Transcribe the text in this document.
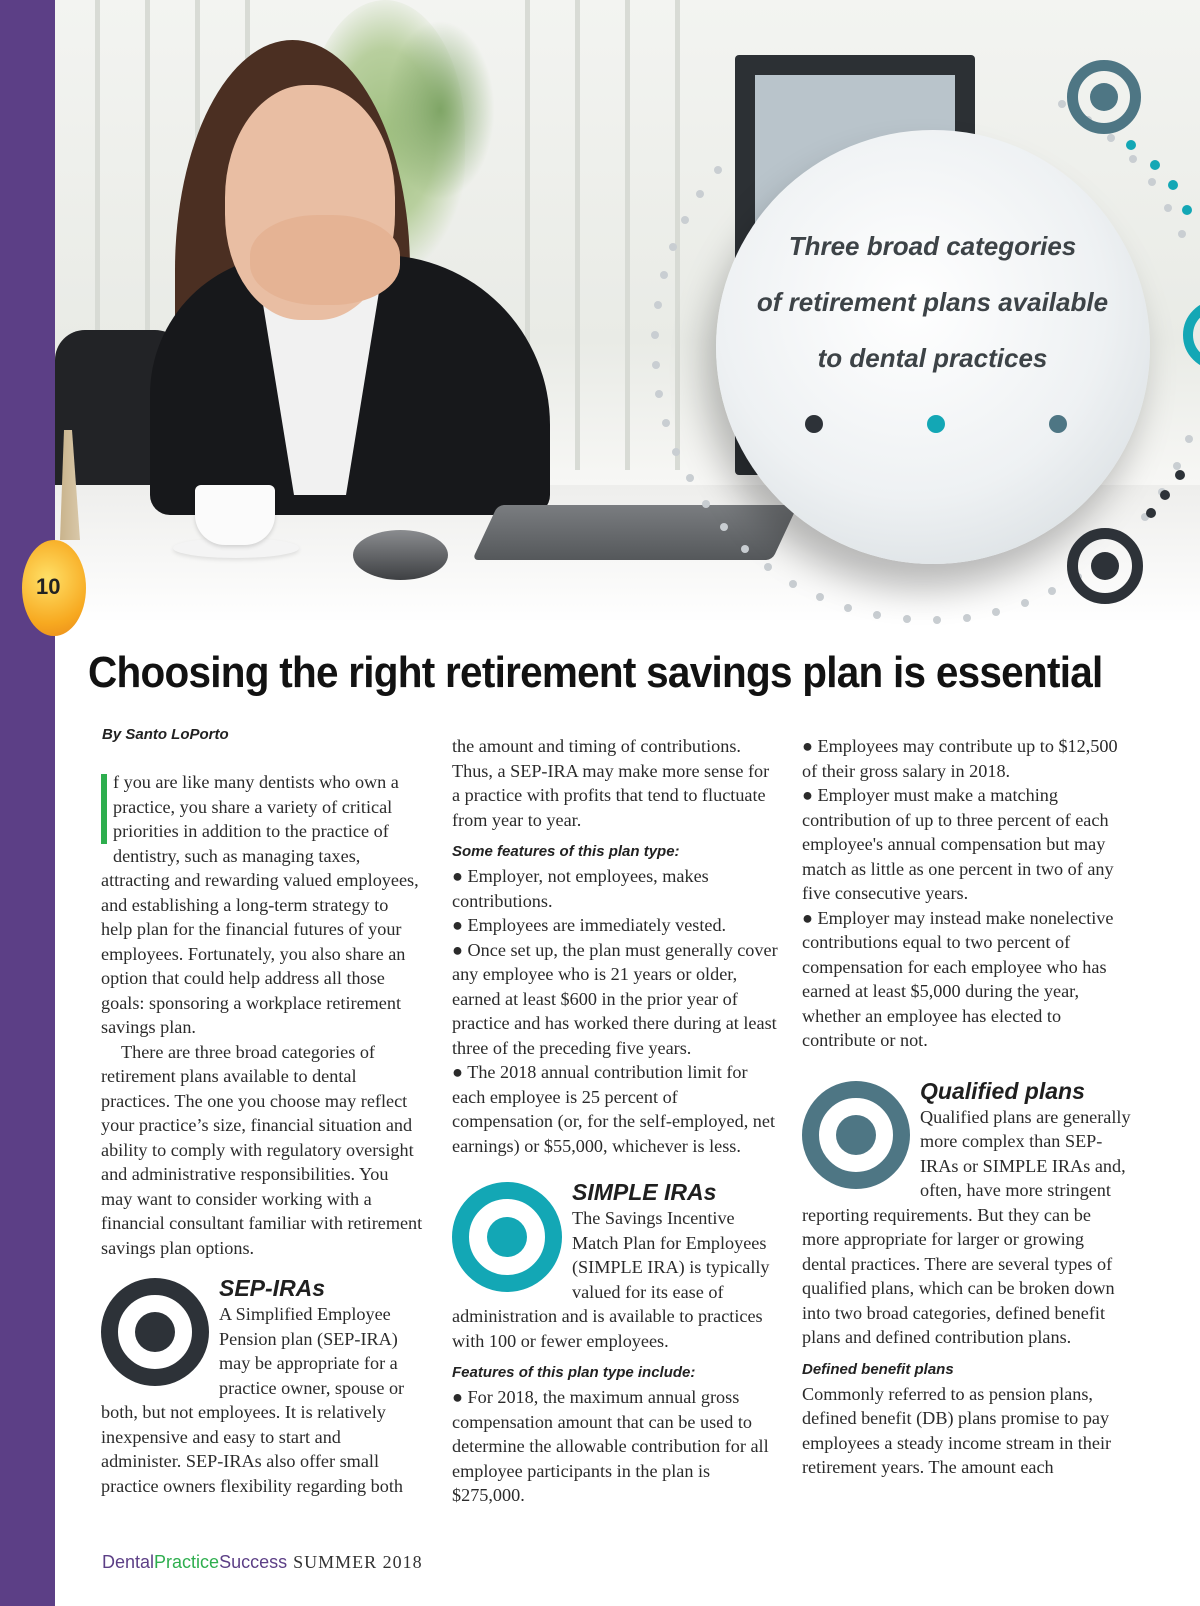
10
Three broad categories
of retirement plans available
to dental practices
Choosing the right retirement savings plan is essential
By Santo LoPorto

f you are like many dentists who own a practice, you share a variety of critical priorities in addition to the practice of dentistry, such as managing taxes, attracting and rewarding valued employees, and establishing a long-term strategy to help plan for the financial futures of your employees. Fortunately, you also share an option that could help address all those goals: sponsoring a workplace retirement savings plan.

There are three broad categories of retirement plans available to dental practices. The one you choose may reflect your practice’s size, financial situation and ability to comply with regulatory oversight and administrative responsibilities. You may want to consider working with a financial consultant familiar with retirement savings plan options.

SEP-IRAs

A Simplified Employee Pension plan (SEP-IRA) may be appropriate for a practice owner, spouse or both, but not employees. It is relatively inexpensive and easy to start and administer. SEP-IRAs also offer small practice owners flexibility regarding both

the amount and timing of contributions. Thus, a SEP-IRA may make more sense for a practice with profits that tend to fluctuate from year to year.

Some features of this plan type:

● Employer, not employees, makes contributions.

● Employees are immediately vested.

● Once set up, the plan must generally cover any employee who is 21 years or older, earned at least $600 in the prior year of practice and has worked there during at least three of the preceding five years.

● The 2018 annual contribution limit for each employee is 25 percent of compensation (or, for the self-employed, net earnings) or $55,000, whichever is less.

SIMPLE IRAs

The Savings Incentive Match Plan for Employees (SIMPLE IRA) is typically valued for its ease of administration and is available to practices with 100 or fewer employees.

Features of this plan type include:

● For 2018, the maximum annual gross compensation amount that can be used to determine the allowable contribution for all employee participants in the plan is $275,000.

● Employees may contribute up to $12,500 of their gross salary in 2018.

● Employer must make a matching contribution of up to three percent of each employee's annual compensation but may match as little as one percent in two of any five consecutive years.

● Employer may instead make nonelective contributions equal to two percent of compensation for each employee who has earned at least $5,000 during the year, whether an employee has elected to contribute or not.

Qualified plans

Qualified plans are generally more complex than SEP-IRAs or SIMPLE IRAs and, often, have more stringent reporting requirements. But they can be more appropriate for larger or growing dental practices. There are several types of qualified plans, which can be broken down into two broad categories, defined benefit plans and defined contribution plans.

Defined benefit plans

Commonly referred to as pension plans, defined benefit (DB) plans promise to pay employees a steady income stream in their retirement years. The amount each

DentalPracticeSuccess SUMMER 2018
